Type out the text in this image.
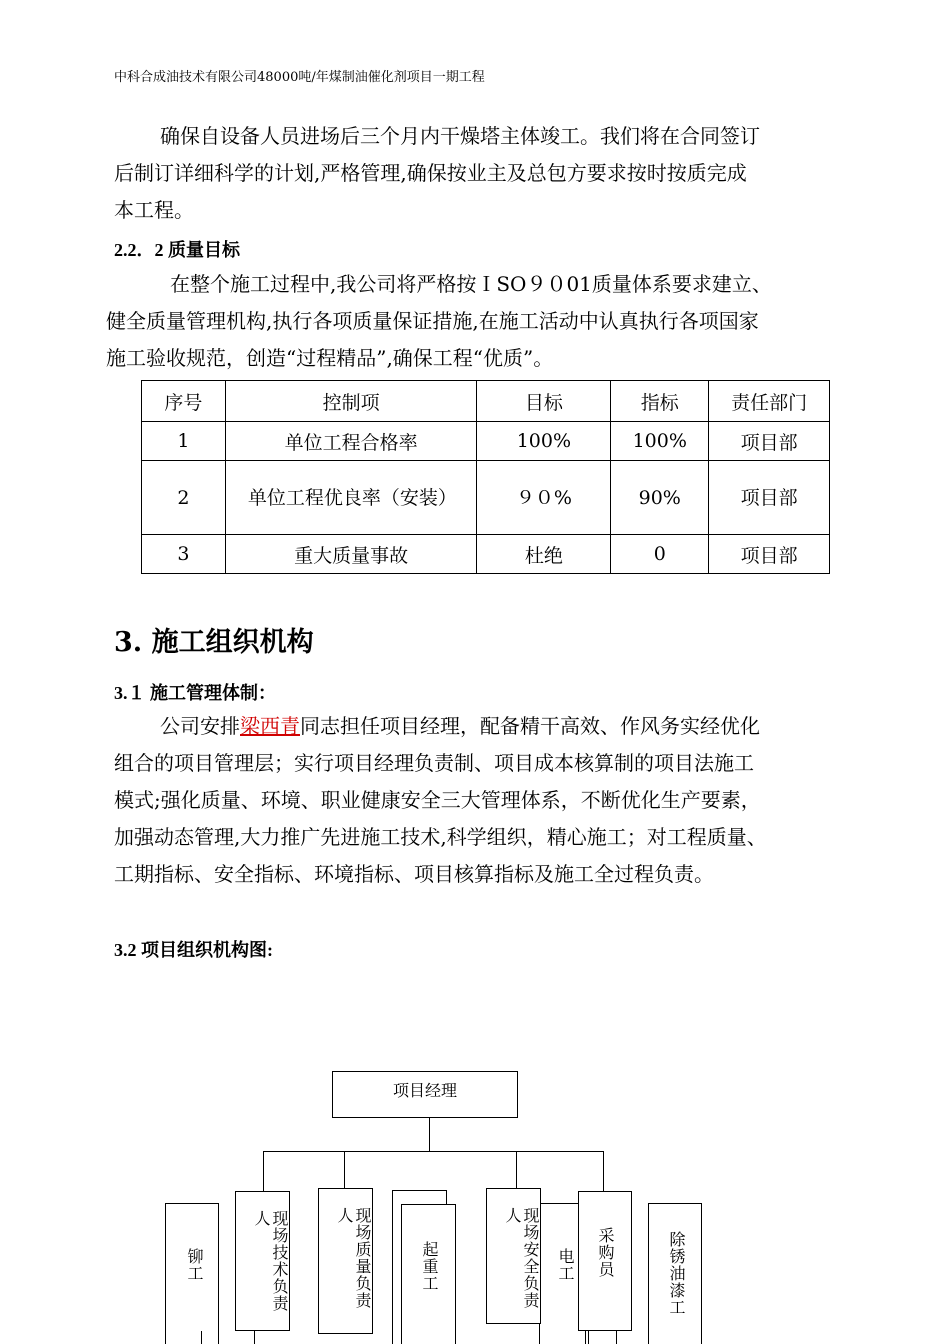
中科合成油技术有限公司48000吨/年煤制油催化剂项目一期工程
确保自设备人员进场后三个月内干燥塔主体竣工。我们将在合同签订
后制订详细科学的计划,严格管理,确保按业主及总包方要求按时按质完成
本工程。
2.2．2 质量目标
在整个施工过程中,我公司将严格按ＩSO９０01质量体系要求建立、
健全质量管理机构,执行各项质量保证措施,在施工活动中认真执行各项国家
施工验收规范，创造“过程精品”,确保工程“优质”。
序号	控制项	目标	指标	责任部门
1	单位工程合格率	100%	100%	项目部
2	单位工程优良率（安装）	９０%	90%	项目部
3	重大质量事故	杜绝	0	项目部
3. 施工组织机构
3.１ 施工管理体制：
公司安排梁西青同志担任项目经理，配备精干高效、作风务实经优化
组合的项目管理层；实行项目经理负责制、项目成本核算制的项目法施工
模式;强化质量、环境、职业健康安全三大管理体系，不断优化生产要素，
加强动态管理,大力推广先进施工技术,科学组织，精心施工；对工程质量、
工期指标、安全指标、环境指标、项目核算指标及施工全过程负责。
3.2 项目组织机构图:
项目经理
铆工	起重工	电工	除锈油漆工
现场技术负责人	现场质量负责人	现场安全负责人
采购员
